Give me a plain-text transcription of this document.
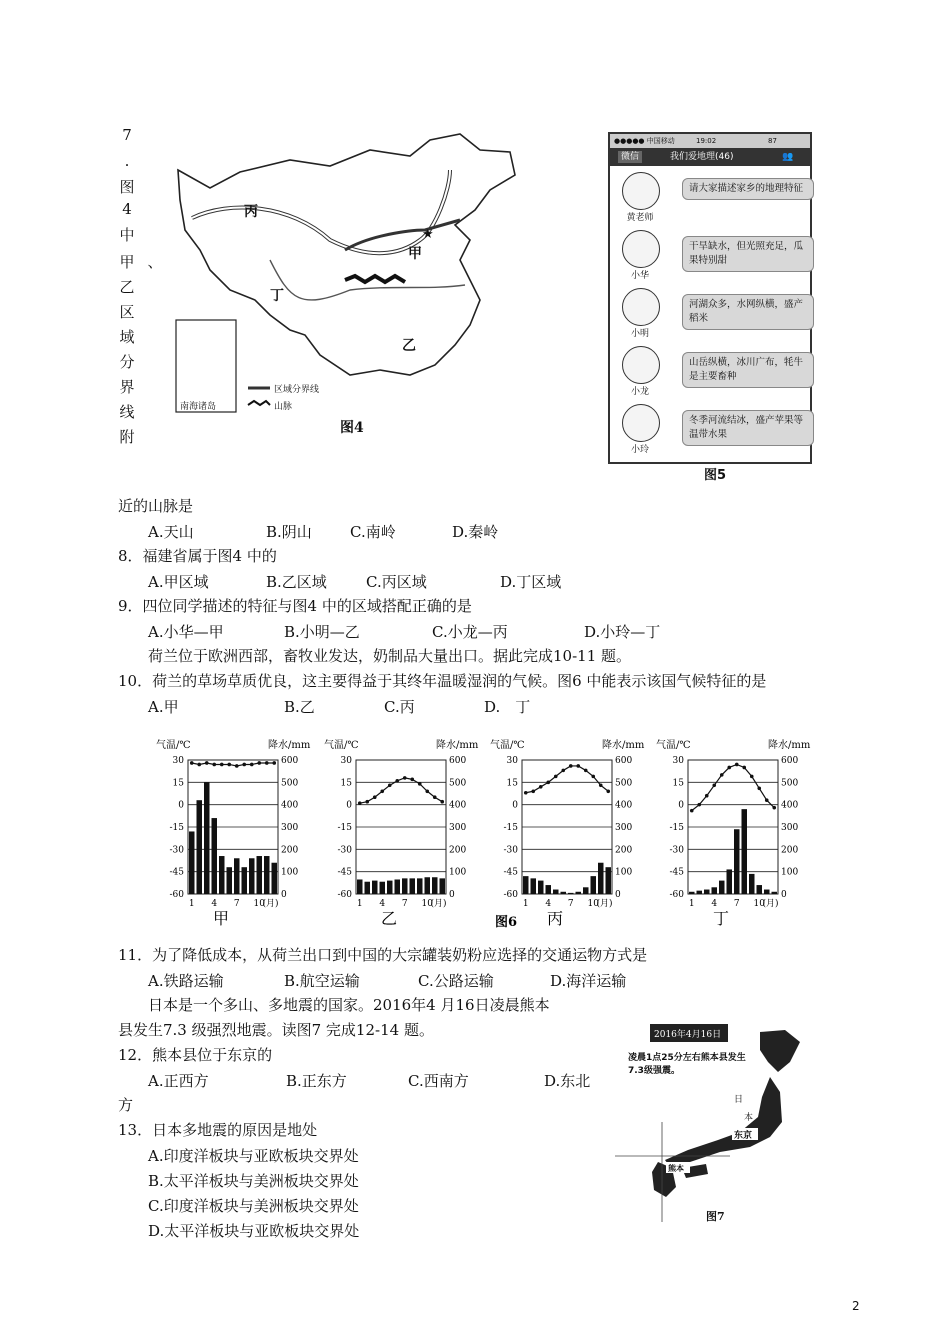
7
.
图
4
中
甲 、
乙
区
域
分
界
线
附
丙
甲
丁
乙
★
南海诸岛
区域分界线
山脉
图4
●●●●● 中国移动	19:02	87
微信	我们爱地理(46)	👥
黄老师
请大家描述家乡的地理特征
小华
干旱缺水，但光照充足，瓜果特别甜
小明
河湖众多，水网纵横，盛产稻米
小龙
山岳纵横，冰川广布，牦牛是主要畜种
小玲
冬季河流结冰，盛产苹果等温带水果
图5
近的山脉是
A.天山	B.阴山	C.南岭	D.秦岭
8．福建省属于图4 中的
A.甲区域	B.乙区域	C.丙区域	D.丁区域
9．四位同学描述的特征与图4 中的区域搭配正确的是
A.小华—甲	B.小明—乙	C.小龙—丙	D.小玲—丁
荷兰位于欧洲西部，畜牧业发达，奶制品大量出口。据此完成10-11 题。
10．荷兰的草场草质优良，这主要得益于其终年温暖湿润的气候。图6 中能表示该国气候特征的是
A.甲	B.乙	C.丙	D.　丁
气温/℃	降水/mm
30
15
0
-15
-30
-45
-60
600
500
400
300
200
100
0
1 4 7 10
(月)
甲
气温/℃	降水/mm
30
15
0
-15
-30
-45
-60
600
500
400
300
200
100
0
1 4 7 10
(月)
乙
气温/℃	降水/mm
30
15
0
-15
-30
-45
-60
600
500
400
300
200
100
0
1 4 7 10
(月)
丙
气温/℃	降水/mm
30
15
0
-15
-30
-45
-60
600
500
400
300
200
100
0
1 4 7 10
(月)
丁
图6
11．为了降低成本，从荷兰出口到中国的大宗罐装奶粉应选择的交通运物方式是
A.铁路运输	B.航空运输	C.公路运输	D.海洋运输
日本是一个多山、多地震的国家。2016年4 月16日凌晨熊本
县发生7.3 级强烈地震。读图7 完成12-14 题。
12．熊本县位于东京的
A.正西方	B.正东方	C.西南方	D.东北
方
13．日本多地震的原因是地处
A.印度洋板块与亚欧板块交界处
B.太平洋板块与美洲板块交界处
C.印度洋板块与美洲板块交界处
D.太平洋板块与亚欧板块交界处
2016年4月16日
凌晨1点25分左右熊本县发生7.3级强震。
日
本
东京
熊本
图7
2
